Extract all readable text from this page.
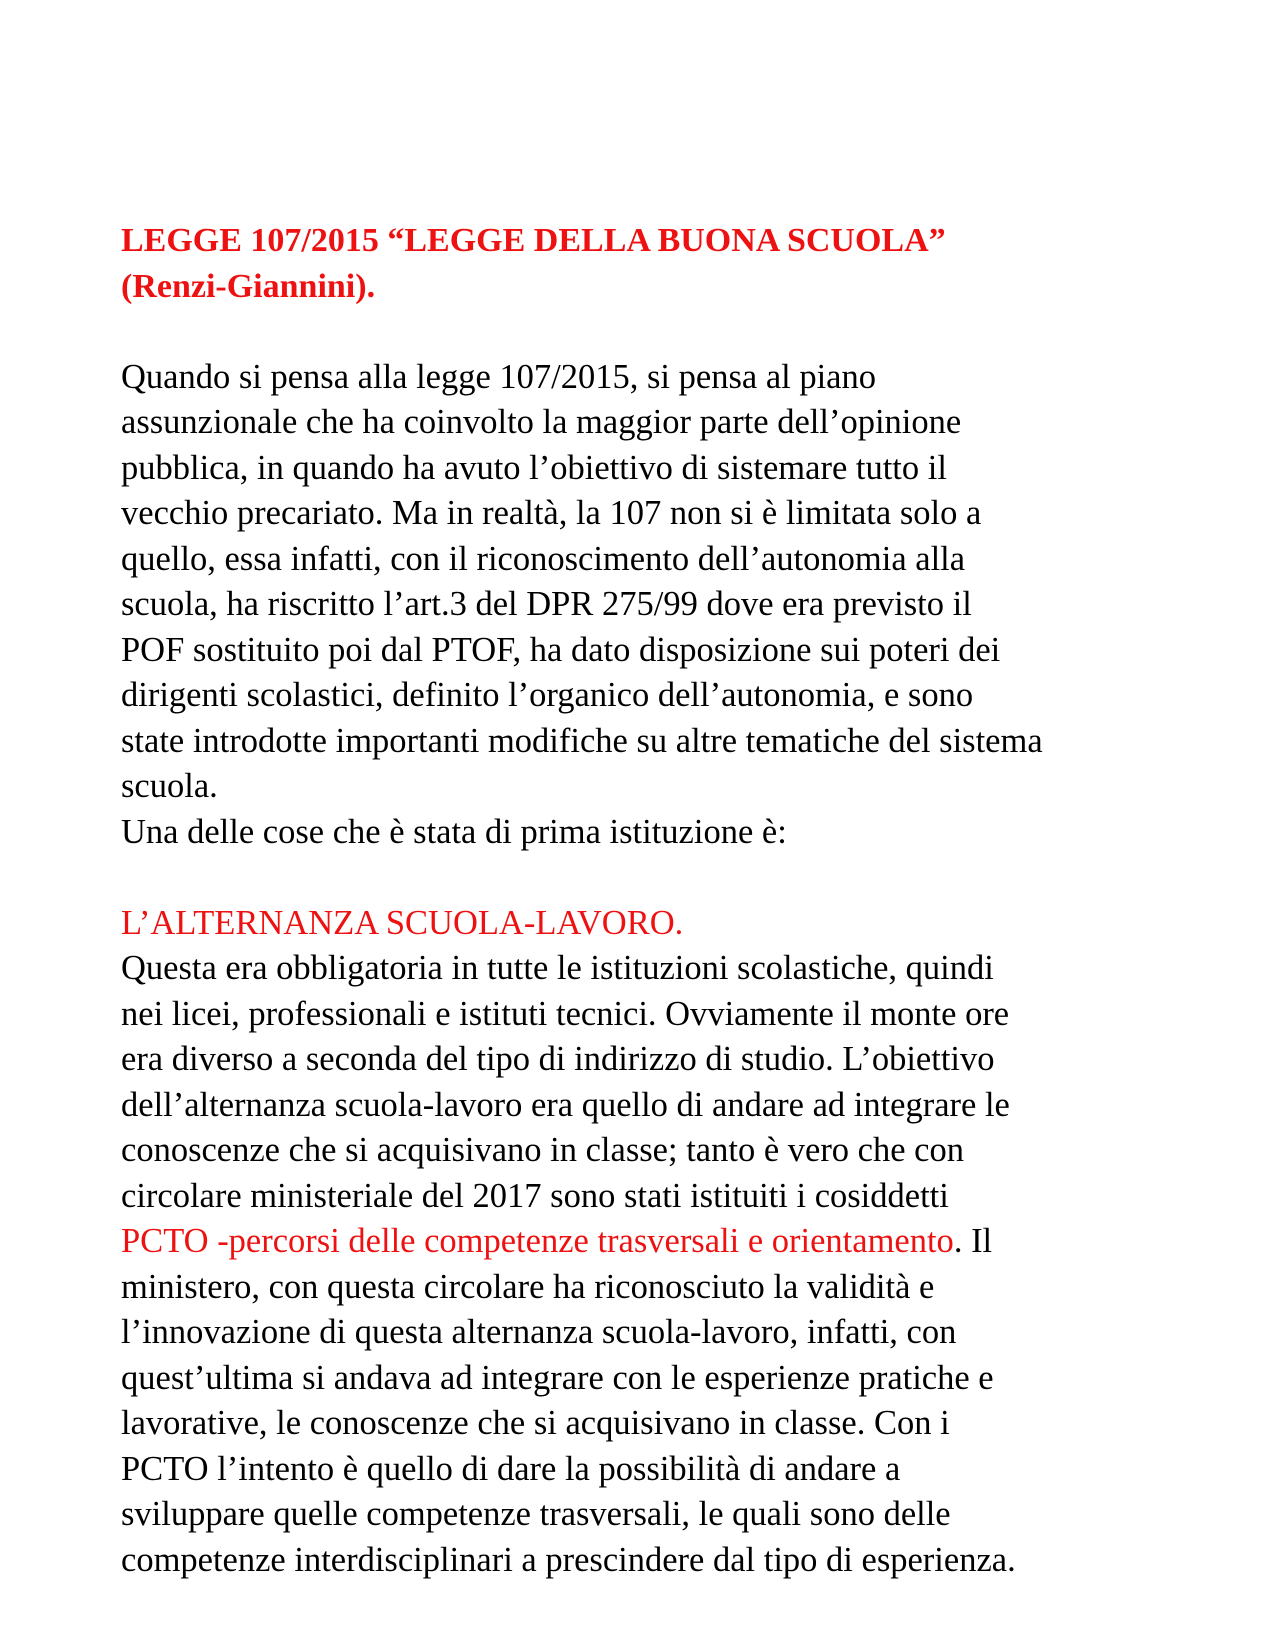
LEGGE 107/2015 “LEGGE DELLA BUONA SCUOLA”
(Renzi-Giannini).
Quando si pensa alla legge 107/2015, si pensa al piano
assunzionale che ha coinvolto la maggior parte dell’opinione
pubblica, in quando ha avuto l’obiettivo di sistemare tutto il
vecchio precariato. Ma in realtà, la 107 non si è limitata solo a
quello, essa infatti, con il riconoscimento dell’autonomia alla
scuola, ha riscritto l’art.3 del DPR 275/99 dove era previsto il
POF sostituito poi dal PTOF, ha dato disposizione sui poteri dei
dirigenti scolastici, definito l’organico dell’autonomia, e sono
state introdotte importanti modifiche su altre tematiche del sistema
scuola.
Una delle cose che è stata di prima istituzione è:
L’ALTERNANZA SCUOLA-LAVORO.
Questa era obbligatoria in tutte le istituzioni scolastiche, quindi
nei licei, professionali e istituti tecnici. Ovviamente il monte ore
era diverso a seconda del tipo di indirizzo di studio. L’obiettivo
dell’alternanza scuola-lavoro era quello di andare ad integrare le
conoscenze che si acquisivano in classe; tanto è vero che con
circolare ministeriale del 2017 sono stati istituiti i cosiddetti
PCTO -percorsi delle competenze trasversali e orientamento. Il
ministero, con questa circolare ha riconosciuto la validità e
l’innovazione di questa alternanza scuola-lavoro, infatti, con
quest’ultima si andava ad integrare con le esperienze pratiche e
lavorative, le conoscenze che si acquisivano in classe. Con i
PCTO l’intento è quello di dare la possibilità di andare a
sviluppare quelle competenze trasversali, le quali sono delle
competenze interdisciplinari a prescindere dal tipo di esperienza.
